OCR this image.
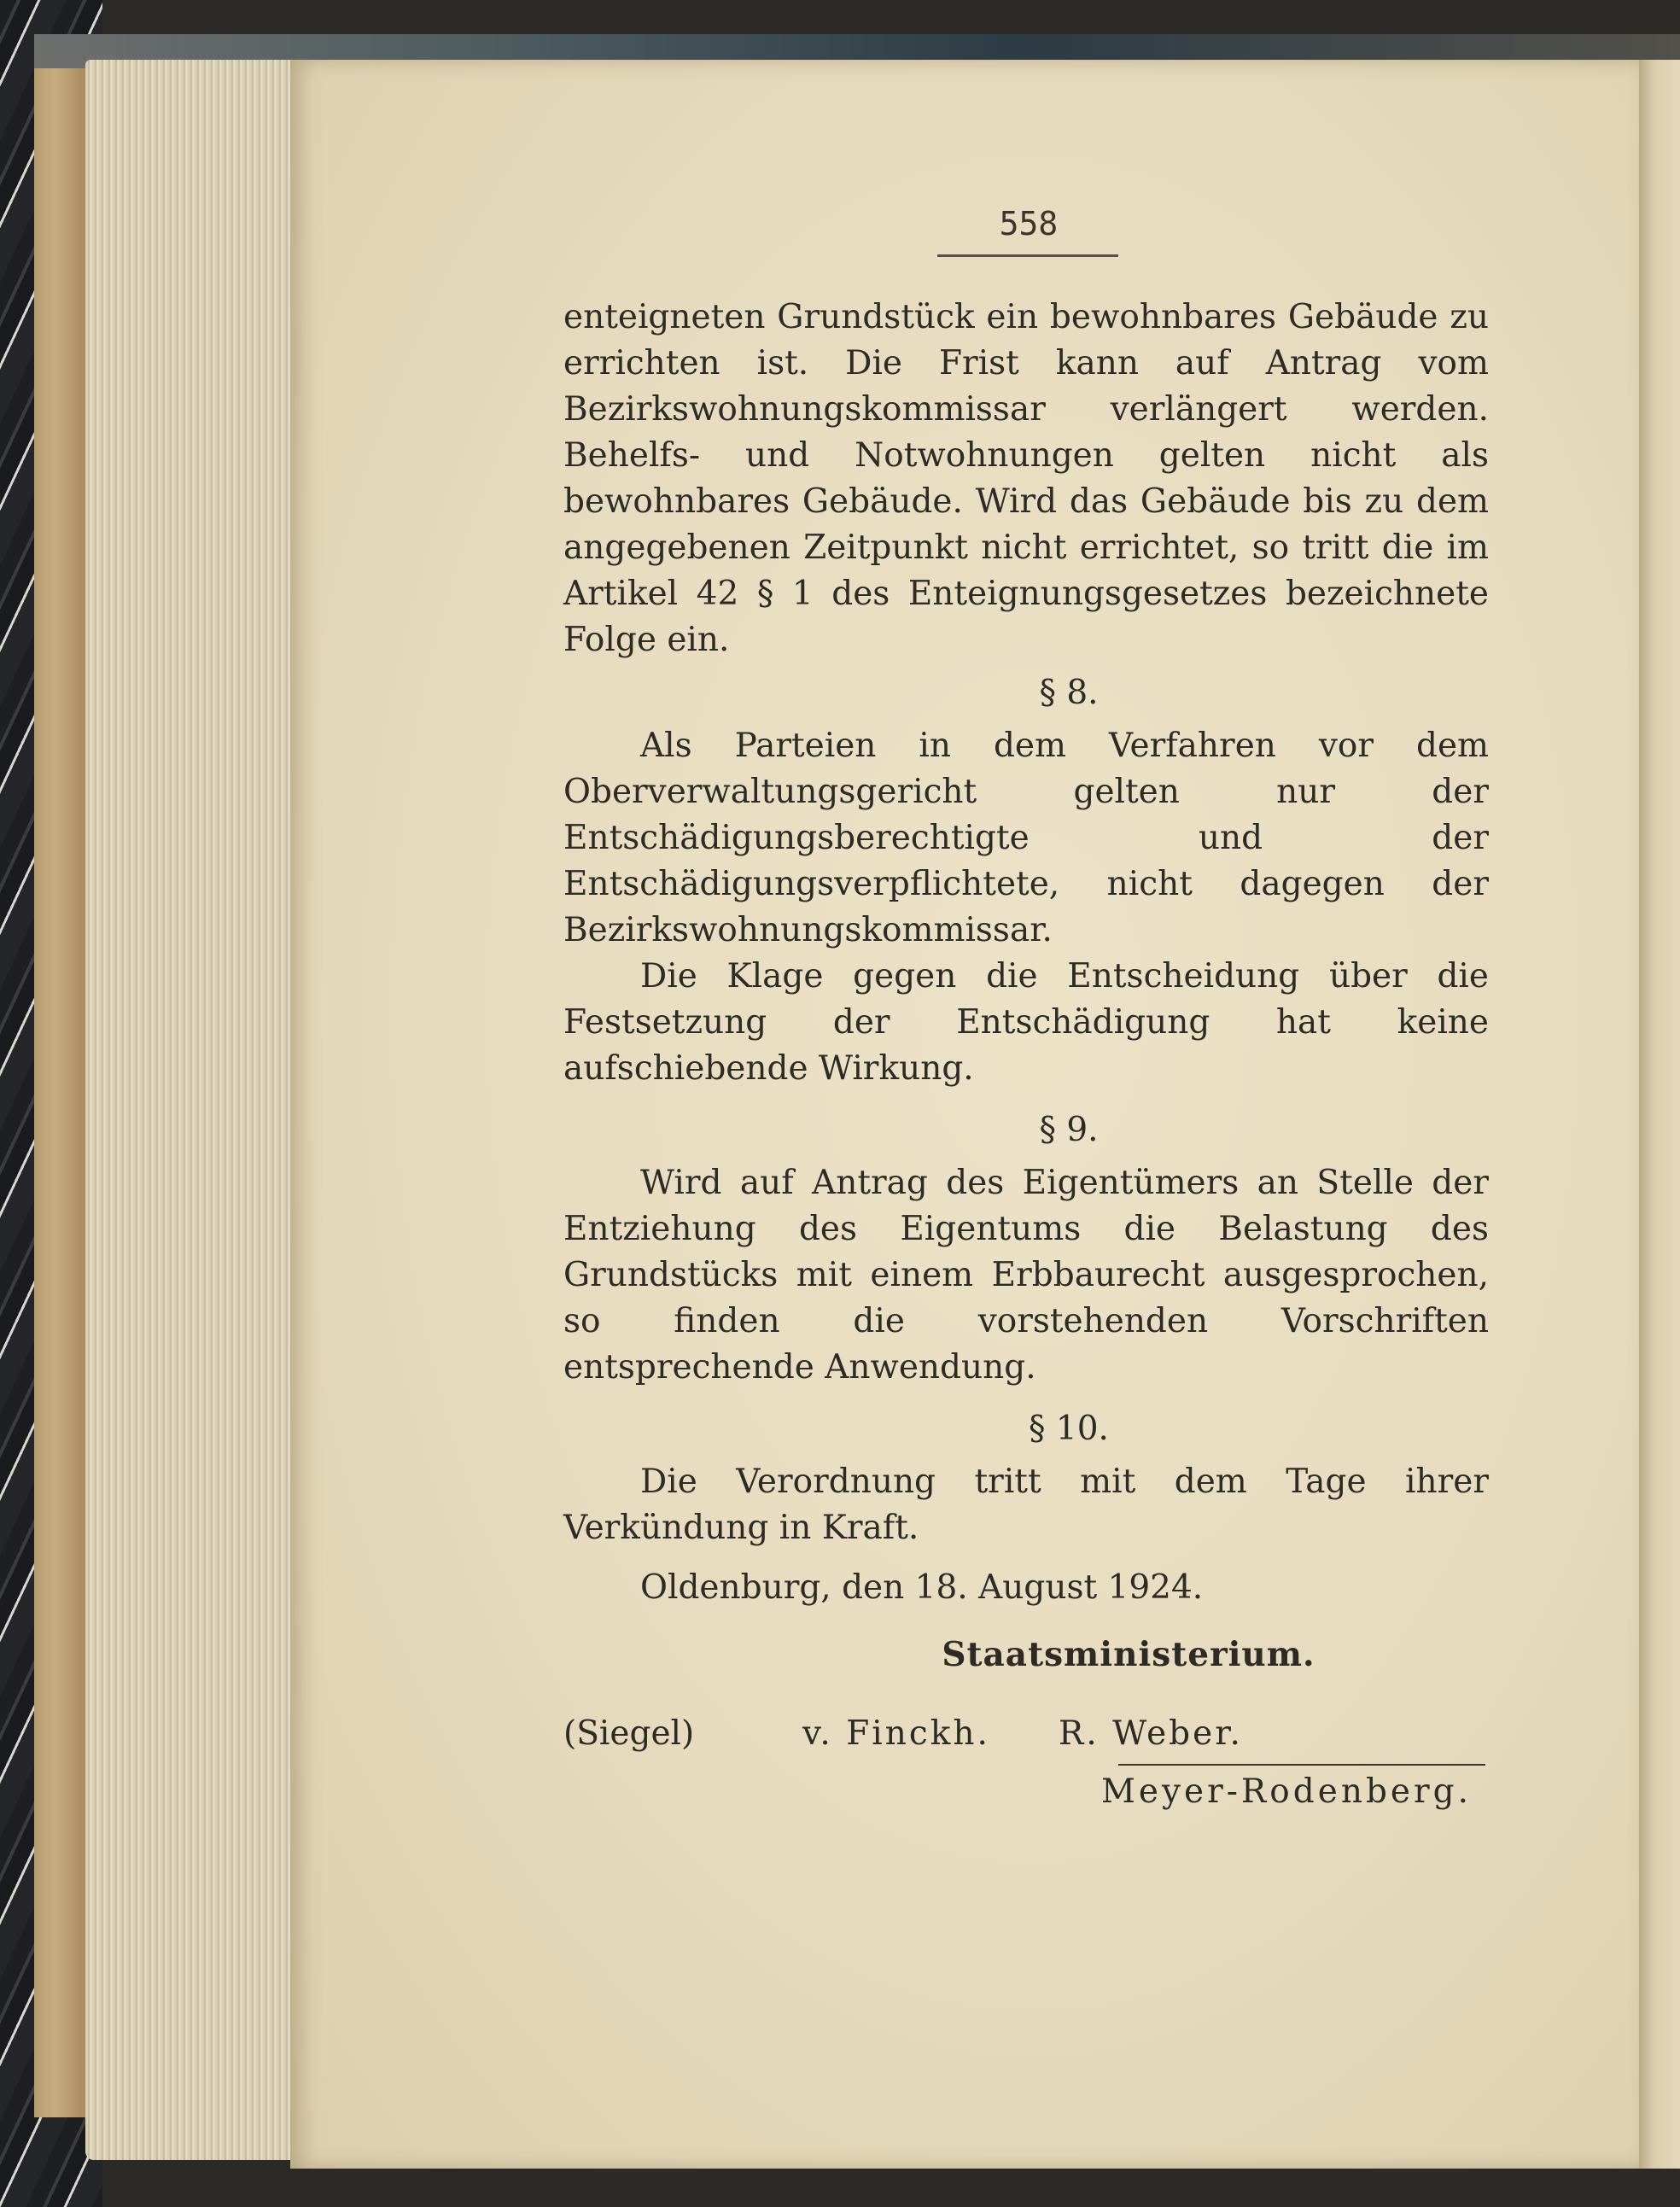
558

enteigneten Grundstück ein bewohnbares Gebäude zu errichten ist. Die Frist kann auf Antrag vom Bezirkswohnungskommissar verlängert werden. Behelfs- und Notwohnungen gelten nicht als bewohnbares Gebäude. Wird das Gebäude bis zu dem angegebenen Zeitpunkt nicht errichtet, so tritt die im Artikel 42 § 1 des Enteignungsgesetzes bezeichnete Folge ein.

§ 8.

Als Parteien in dem Verfahren vor dem Oberverwaltungsgericht gelten nur der Entschädigungsberechtigte und der Entschädigungsverpflichtete, nicht dagegen der Bezirkswohnungskommissar.

Die Klage gegen die Entscheidung über die Festsetzung der Entschädigung hat keine aufschiebende Wirkung.

§ 9.

Wird auf Antrag des Eigentümers an Stelle der Entziehung des Eigentums die Belastung des Grundstücks mit einem Erbbaurecht ausgesprochen, so finden die vorstehenden Vorschriften entsprechende Anwendung.

§ 10.

Die Verordnung tritt mit dem Tage ihrer Verkündung in Kraft.

Oldenburg, den 18. August 1924.

Staatsministerium.

(Siegel)	v. Finckh.	R. Weber.

Meyer-Rodenberg.
